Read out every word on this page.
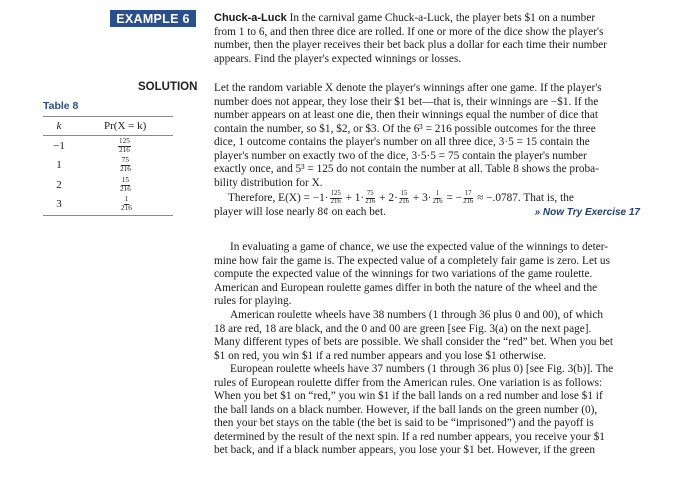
EXAMPLE 6	Chuck-a-Luck In the carnival game Chuck-a-Luck, the player bets $1 on a number
from 1 to 6, and then three dice are rolled. If one or more of the dice show the player's
number, then the player receives their bet back plus a dollar for each time their number
appears. Find the player's expected winnings or losses.
SOLUTION Let the random variable X denote the player's winnings after one game. If the player's
number does not appear, they lose their $1 bet—that is, their winnings are −$1. If the
number appears on at least one die, then their winnings equal the number of dice that
contain the number, so $1, $2, or $3. Of the 6³ = 216 possible outcomes for the three
dice, 1 outcome contains the player's number on all three dice, 3·5 = 15 contain the
player's number on exactly two of the dice, 3·5·5 = 75 contain the player's number
exactly once, and 5³ = 125 do not contain the number at all. Table 8 shows the proba-
bility distribution for X.
Therefore, $E(X) = -1\cdot \frac{125}{216} + 1\cdot \frac{75}{216} + 2\cdot \frac{15}{216} + 3\cdot \frac{1}{216}$ = − $\frac{17}{216} \approx -.0787$. That is, the
player will lose nearly 8¢ on each bet.	» Now Try Exercise 17
Table 8
k	Pr(X = k)
−1	$\frac{125}{216}$
1	$\frac{75}{216}$
2	$\frac{15}{216}$
3	$\frac{1}{216}$
In evaluating a game of chance, we use the expected value of the winnings to deter-
mine how fair the game is. The expected value of a completely fair game is zero. Let us
compute the expected value of the winnings for two variations of the game roulette.
American and European roulette games differ in both the nature of the wheel and the
rules for playing.
American roulette wheels have 38 numbers (1 through 36 plus 0 and 00), of which
18 are red, 18 are black, and the 0 and 00 are green [see Fig. 3(a) on the next page].
Many different types of bets are possible. We shall consider the “red” bet. When you bet
$1 on red, you win $1 if a red number appears and you lose $1 otherwise.
European roulette wheels have 37 numbers (1 through 36 plus 0) [see Fig. 3(b)]. The
rules of European roulette differ from the American rules. One variation is as follows:
When you bet $1 on “red,” you win $1 if the ball lands on a red number and lose $1 if
the ball lands on a black number. However, if the ball lands on the green number (0),
then your bet stays on the table (the bet is said to be “imprisoned”) and the payoff is
determined by the result of the next spin. If a red number appears, you receive your $1
bet back, and if a black number appears, you lose your $1 bet. However, if the green
